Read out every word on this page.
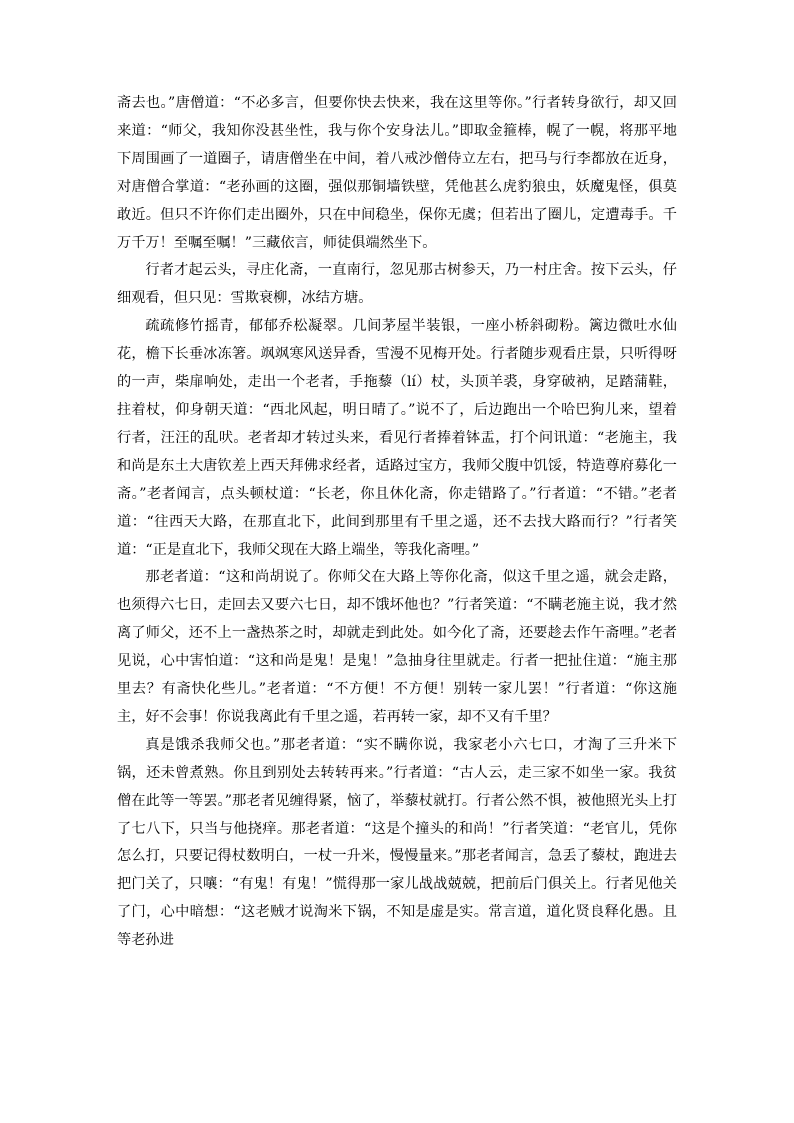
斋去也。”唐僧道：“不必多言，但要你快去快来，我在这里等你。”行者转身欲行，却又回来道：“师父，我知你没甚坐性，我与你个安身法儿。”即取金箍棒，幌了一幌，将那平地下周围画了一道圈子，请唐僧坐在中间，着八戒沙僧侍立左右，把马与行李都放在近身，对唐僧合掌道：“老孙画的这圈，强似那铜墙铁壁，凭他甚么虎豹狼虫，妖魔鬼怪，俱莫敢近。但只不许你们走出圈外，只在中间稳坐，保你无虞；但若出了圈儿，定遭毒手。千万千万！至嘱至嘱！”三藏依言，师徒俱端然坐下。

行者才起云头，寻庄化斋，一直南行，忽见那古树参天，乃一村庄舍。按下云头，仔细观看，但只见：雪欺衰柳，冰结方塘。

疏疏修竹摇青，郁郁乔松凝翠。几间茅屋半装银，一座小桥斜砌粉。篱边微吐水仙花，檐下长垂冰冻箸。飒飒寒风送异香，雪漫不见梅开处。行者随步观看庄景，只听得呀的一声，柴扉响处，走出一个老者，手拖藜（lí）杖，头顶羊裘，身穿破衲，足踏蒲鞋，拄着杖，仰身朝天道：“西北风起，明日晴了。”说不了，后边跑出一个哈巴狗儿来，望着行者，汪汪的乱吠。老者却才转过头来，看见行者捧着钵盂，打个问讯道：“老施主，我和尚是东土大唐钦差上西天拜佛求经者，适路过宝方，我师父腹中饥馁，特造尊府募化一斋。”老者闻言，点头顿杖道：“长老，你且休化斋，你走错路了。”行者道：“不错。”老者道：“往西天大路，在那直北下，此间到那里有千里之遥，还不去找大路而行？”行者笑道：“正是直北下，我师父现在大路上端坐，等我化斋哩。”

那老者道：“这和尚胡说了。你师父在大路上等你化斋，似这千里之遥，就会走路，也须得六七日，走回去又要六七日，却不饿坏他也？”行者笑道：“不瞒老施主说，我才然离了师父，还不上一盏热茶之时，却就走到此处。如今化了斋，还要趁去作午斋哩。”老者见说，心中害怕道：“这和尚是鬼！是鬼！”急抽身往里就走。行者一把扯住道：“施主那里去？有斋快化些儿。”老者道：“不方便！不方便！别转一家儿罢！”行者道：“你这施主，好不会事！你说我离此有千里之遥，若再转一家，却不又有千里？

真是饿杀我师父也。”那老者道：“实不瞒你说，我家老小六七口，才淘了三升米下锅，还未曾煮熟。你且到别处去转转再来。”行者道：“古人云，走三家不如坐一家。我贫僧在此等一等罢。”那老者见缠得紧，恼了，举藜杖就打。行者公然不惧，被他照光头上打了七八下，只当与他挠痒。那老者道：“这是个撞头的和尚！”行者笑道：“老官儿，凭你怎么打，只要记得杖数明白，一杖一升米，慢慢量来。”那老者闻言，急丢了藜杖，跑进去把门关了，只嚷：“有鬼！有鬼！”慌得那一家儿战战兢兢，把前后门俱关上。行者见他关了门，心中暗想：“这老贼才说淘米下锅，不知是虚是实。常言道，道化贤良释化愚。且等老孙进
